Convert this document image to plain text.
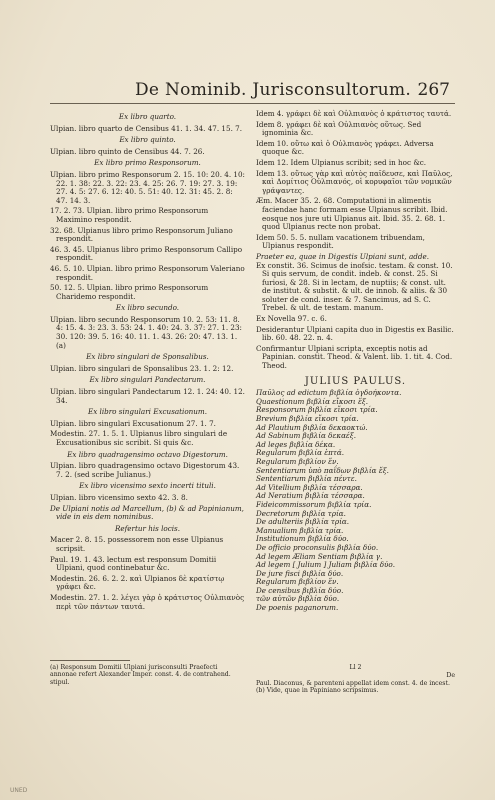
De Nominib. Jurisconsultorum. 267
Ex libro quarto.
Ulpian. libro quarto de Censibus 41. 1. 34. 47. 15. 7.
Ex libro quinto.
Ulpian. libro quinto de Censibus 44. 7. 26.
Ex libro primo Responsorum.
Ulpian. libro primo Responsorum 2. 15. 10: 20. 4. 10: 22. 1. 38: 22. 3. 22: 23. 4. 25: 26. 7. 19: 27. 3. 19: 27. 4. 5: 27. 6. 12: 40. 5. 51: 40. 12. 31: 45. 2. 8: 47. 14. 3.
17. 2. 73. Ulpian. libro primo Responsorum Maximino respondit.
32. 68. Ulpianus libro primo Responsorum Juliano respondit.
46. 3. 45. Ulpianus libro primo Responsorum Callipo respondit.
46. 5. 10. Ulpian. libro primo Responsorum Valeriano respondit.
50. 12. 5. Ulpian. libro primo Responsorum Charidemo respondit.
Ex libro secundo.
Ulpian. libro secundo Responsorum 10. 2. 53: 11. 8. 4: 15. 4. 3: 23. 3. 53: 24. 1. 40: 24. 3. 37: 27. 1. 23: 30. 120: 39. 5. 16: 40. 11. 1. 43. 26: 20: 47. 13. 1. (a)
Ex libro singulari de Sponsalibus.
Ulpian. libro singulari de Sponsalibus 23. 1. 2: 12.
Ex libro singulari Pandectarum.
Ulpian. libro singulari Pandectarum 12. 1. 24: 40. 12. 34.
Ex libro singulari Excusationum.
Ulpian. libro singulari Excusationum 27. 1. 7.
Modestin. 27. 1. 5. 1. Ulpianus libro singulari de Excusationibus sic scribit. Si quis &c.
Ex libro quadragensimo octavo Digestorum.
Ulpian. libro quadragensimo octavo Digestorum 43. 7. 2. (sed scribe Julianus.)
Ex libro vicensimo sexto incerti tituli.
Ulpian. libro vicensimo sexto 42. 3. 8.
De Ulpiani notis ad Marcellum, (b) & ad Papinianum, vide in eis dem nominibus.
Refertur his locis.
Macer 2. 8. 15. possessorem non esse Ulpianus scripsit.
Paul. 19. 1. 43. lectum est responsum Domitii Ulpiani, quod continebatur &c.
Modestin. 26. 6. 2. 2. καὶ Ulpianos δὲ κρατίστῳ γράφει &c.
Modestin. 27. 1. 2. λέγει γὰρ ὁ κράτιστος Οὐλπιανὸς περὶ τῶν πάντων ταυτά.
Idem 4. γράφει δὲ καὶ Οὐλπιανὸς ὁ κράτιστος ταυτά.
Idem 8. γράφει δὲ καὶ Οὐλπιανὸς οὕτως. Sed ignominia &c.
Idem 10. οὕτω καὶ ὁ Οὐλπιανὸς γράφει. Adversa quoque &c.
Idem 12. Idem Ulpianus scribit; sed in hoc &c.
Idem 13. οὕτως γὰρ καὶ αὐτὸς παῖδευσε, καὶ Παῦλος, καὶ Δομίτιος Οὐλπιανός, οἱ κορυφαῖοι τῶν νομικῶν γράψαντες.
Æm. Macer 35. 2. 68. Computationi in alimentis faciendae hanc formam esse Ulpianus scribit. Ibid. eosque nos jure uti Ulpianus ait. Ibid. 35. 2. 68. 1. quod Ulpianus recte non probat.
Idem 50. 5. 5. nullam vacationem tribuendam, Ulpianus respondit.
Praeter ea, quae in Digestis Ulpiani sunt, adde.
Ex constit. 36. Scimus de inofsic. testam. & const. 10. Si quis servum, de condit. indeb. & const. 25. Si furiosi, & 28. Si in lectam, de nuptiis; & const. ult. de institut. & substit. & ult. de innob. & aliis. & 30 soluter de cond. inser. & 7. Sancimus, ad S. C. Trebel. & ult. de testam. manum.
Ex Novella 97. c. 6.
Desiderantur Ulpiani capita duo in Digestis ex Basilic. lib. 60. 48. 22. n. 4.
Confirmantur Ulpiani scripta, exceptis notis ad Papinian. constit. Theod. & Valent. lib. 1. tit. 4. Cod. Theod.
JULIUS PAULUS.
Παῦλος ad edictum βιβλία ὀγδοήκοντα.
Quaestionum βιβλία εἴκοσι ἕξ.
Responsorum βιβλία εἴκοσι τρία.
Brevium βιβλία εἴκοσι τρία.
Ad Plautium βιβλία δεκαοκτώ.
Ad Sabinum βιβλία δεκαέξ.
Ad leges βιβλία δέκα.
Regularum βιβλία ἑπτά.
Regularum βιβλίον ἕν.
Sententiarum ὑπὸ παΐδων βιβλία ἕξ.
Sententiarum βιβλία πέντε.
Ad Vitellium βιβλία τέσσαρα.
Ad Neratium βιβλία τέσσαρα.
Fideicommissorum βιβλία τρία.
Decretorum βιβλία τρία.
De adulteriis βιβλία τρία.
Manualium βιβλία τρία.
Institutionum βιβλία δύο.
De officio proconsulis βιβλία δύο.
Ad legem Æliam Sentiam βιβλία γ.
Ad legem [ Julium ] Juliam βιβλία δύο.
De jure fisci βιβλία δύο.
Regularum βιβλίον ἕν.
De censibus βιβλία δύο.
τῶν αὐτῶν βιβλία δύο.
De poenis paganorum.
(a) Responsum Domitii Ulpiani jurisconsulti Praefecti annonae refert Alexander Imper. const. 4. de contrahend. stipul.
Ll 2
De
Paul. Diaconus, & parenteni appellat idem const. 4. de incest.
(b) Vide, quae in Papiniano scripsimus.
UNED
